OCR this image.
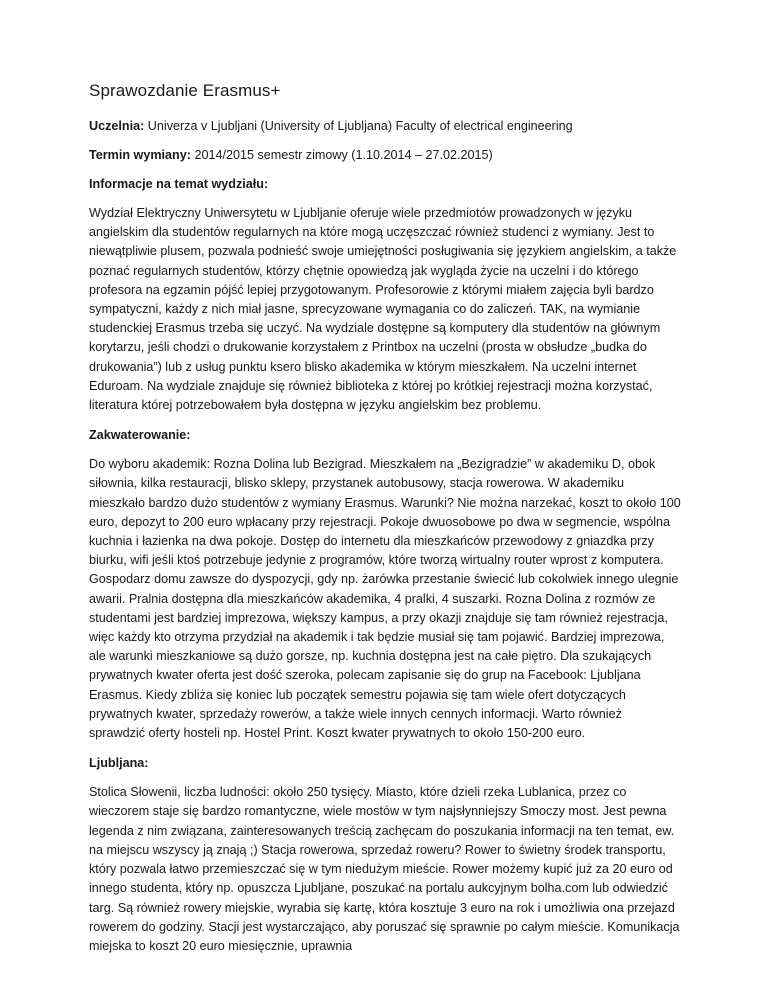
Sprawozdanie Erasmus+
Uczelnia: Univerza v Ljubljani (University of Ljubljana) Faculty of electrical engineering
Termin wymiany: 2014/2015 semestr zimowy (1.10.2014 – 27.02.2015)
Informacje na temat wydziału:
Wydział Elektryczny Uniwersytetu w Ljubljanie oferuje wiele przedmiotów prowadzonych w języku angielskim dla studentów regularnych na które mogą uczęszczać również studenci z wymiany. Jest to niewątpliwie plusem, pozwala podnieść swoje umiejętności posługiwania się językiem angielskim, a także poznać regularnych studentów, którzy chętnie opowiedzą jak wygląda życie na uczelni i do którego profesora na egzamin pójść lepiej przygotowanym. Profesorowie z którymi miałem zajęcia byli bardzo sympatyczni, każdy z nich miał jasne, sprecyzowane wymagania co do zaliczeń. TAK, na wymianie studenckiej Erasmus trzeba się uczyć. Na wydziale dostępne są komputery dla studentów na głównym korytarzu, jeśli chodzi o drukowanie korzystałem z Printbox na uczelni (prosta w obsłudze „budka do drukowania”) lub z usług punktu ksero blisko akademika w którym mieszkałem. Na uczelni internet Eduroam. Na wydziale znajduje się również biblioteka z której po krótkiej rejestracji można korzystać, literatura której potrzebowałem była dostępna w języku angielskim bez problemu.
Zakwaterowanie:
Do wyboru akademik: Rozna Dolina lub Bezigrad. Mieszkałem na „Bezigradzie” w akademiku D, obok siłownia, kilka restauracji, blisko sklepy, przystanek autobusowy, stacja rowerowa. W akademiku mieszkało bardzo dużo studentów z wymiany Erasmus. Warunki? Nie można narzekać, koszt to około 100 euro, depozyt to 200 euro wpłacany przy rejestracji. Pokoje dwuosobowe po dwa w segmencie, wspólna kuchnia i łazienka na dwa pokoje. Dostęp do internetu dla mieszkańców przewodowy z gniazdka przy biurku, wifi jeśli ktoś potrzebuje jedynie z programów, które tworzą wirtualny router wprost z komputera. Gospodarz domu zawsze do dyspozycji, gdy np. żarówka przestanie świecić lub cokolwiek innego ulegnie awarii. Pralnia dostępna dla mieszkańców akademika, 4 pralki, 4 suszarki. Rozna Dolina z rozmów ze studentami jest bardziej imprezowa, większy kampus, a przy okazji znajduje się tam również rejestracja, więc każdy kto otrzyma przydział na akademik i tak będzie musiał się tam pojawić. Bardziej imprezowa, ale warunki mieszkaniowe są dużo gorsze, np. kuchnia dostępna jest na całe piętro. Dla szukających prywatnych kwater oferta jest dość szeroka, polecam zapisanie się do grup na Facebook: Ljubljana Erasmus. Kiedy zbliża się koniec lub początek semestru pojawia się tam wiele ofert dotyczących prywatnych kwater, sprzedaży rowerów, a także wiele innych cennych informacji. Warto również sprawdzić oferty hosteli np. Hostel Print. Koszt kwater prywatnych to około 150-200 euro.
Ljubljana:
Stolica Słowenii, liczba ludności: około 250 tysięcy. Miasto, które dzieli rzeka Lublanica, przez co wieczorem staje się bardzo romantyczne, wiele mostów w tym najsłynniejszy Smoczy most. Jest pewna legenda z nim związana, zainteresowanych treścią zachęcam do poszukania informacji na ten temat, ew. na miejscu wszyscy ją znają ;) Stacja rowerowa, sprzedaż roweru? Rower to świetny środek transportu, który pozwala łatwo przemieszczać się w tym niedużym mieście. Rower możemy kupić już za 20 euro od innego studenta, który np. opuszcza Ljubljane, poszukać na portalu aukcyjnym bolha.com lub odwiedzić targ. Są również rowery miejskie, wyrabia się kartę, która kosztuje 3 euro na rok i umożliwia ona przejazd rowerem do godziny. Stacji jest wystarczająco, aby poruszać się sprawnie po całym mieście. Komunikacja miejska to koszt 20 euro miesięcznie, uprawnia
